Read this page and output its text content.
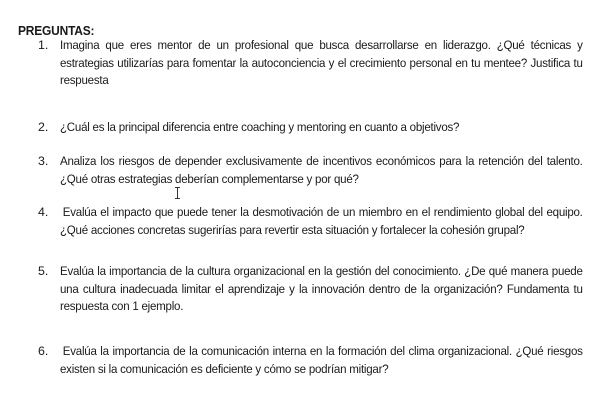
PREGUNTAS:
1. Imagina que eres mentor de un profesional que busca desarrollarse en liderazgo. ¿Qué técnicas y estrategias utilizarías para fomentar la autoconciencia y el crecimiento personal en tu mentee? Justifica tu respuesta
2. ¿Cuál es la principal diferencia entre coaching y mentoring en cuanto a objetivos?
3. Analiza los riesgos de depender exclusivamente de incentivos económicos para la retención del talento. ¿Qué otras estrategias deberían complementarse y por qué?
4.	Evalúa el impacto que puede tener la desmotivación de un miembro en el rendimiento global del equipo. ¿Qué acciones concretas sugerirías para revertir esta situación y fortalecer la cohesión grupal?
5. Evalúa la importancia de la cultura organizacional en la gestión del conocimiento. ¿De qué manera puede una cultura inadecuada limitar el aprendizaje y la innovación dentro de la organización? Fundamenta tu respuesta con 1 ejemplo.
6.	Evalúa la importancia de la comunicación interna en la formación del clima organizacional. ¿Qué riesgos existen si la comunicación es deficiente y cómo se podrían mitigar?
